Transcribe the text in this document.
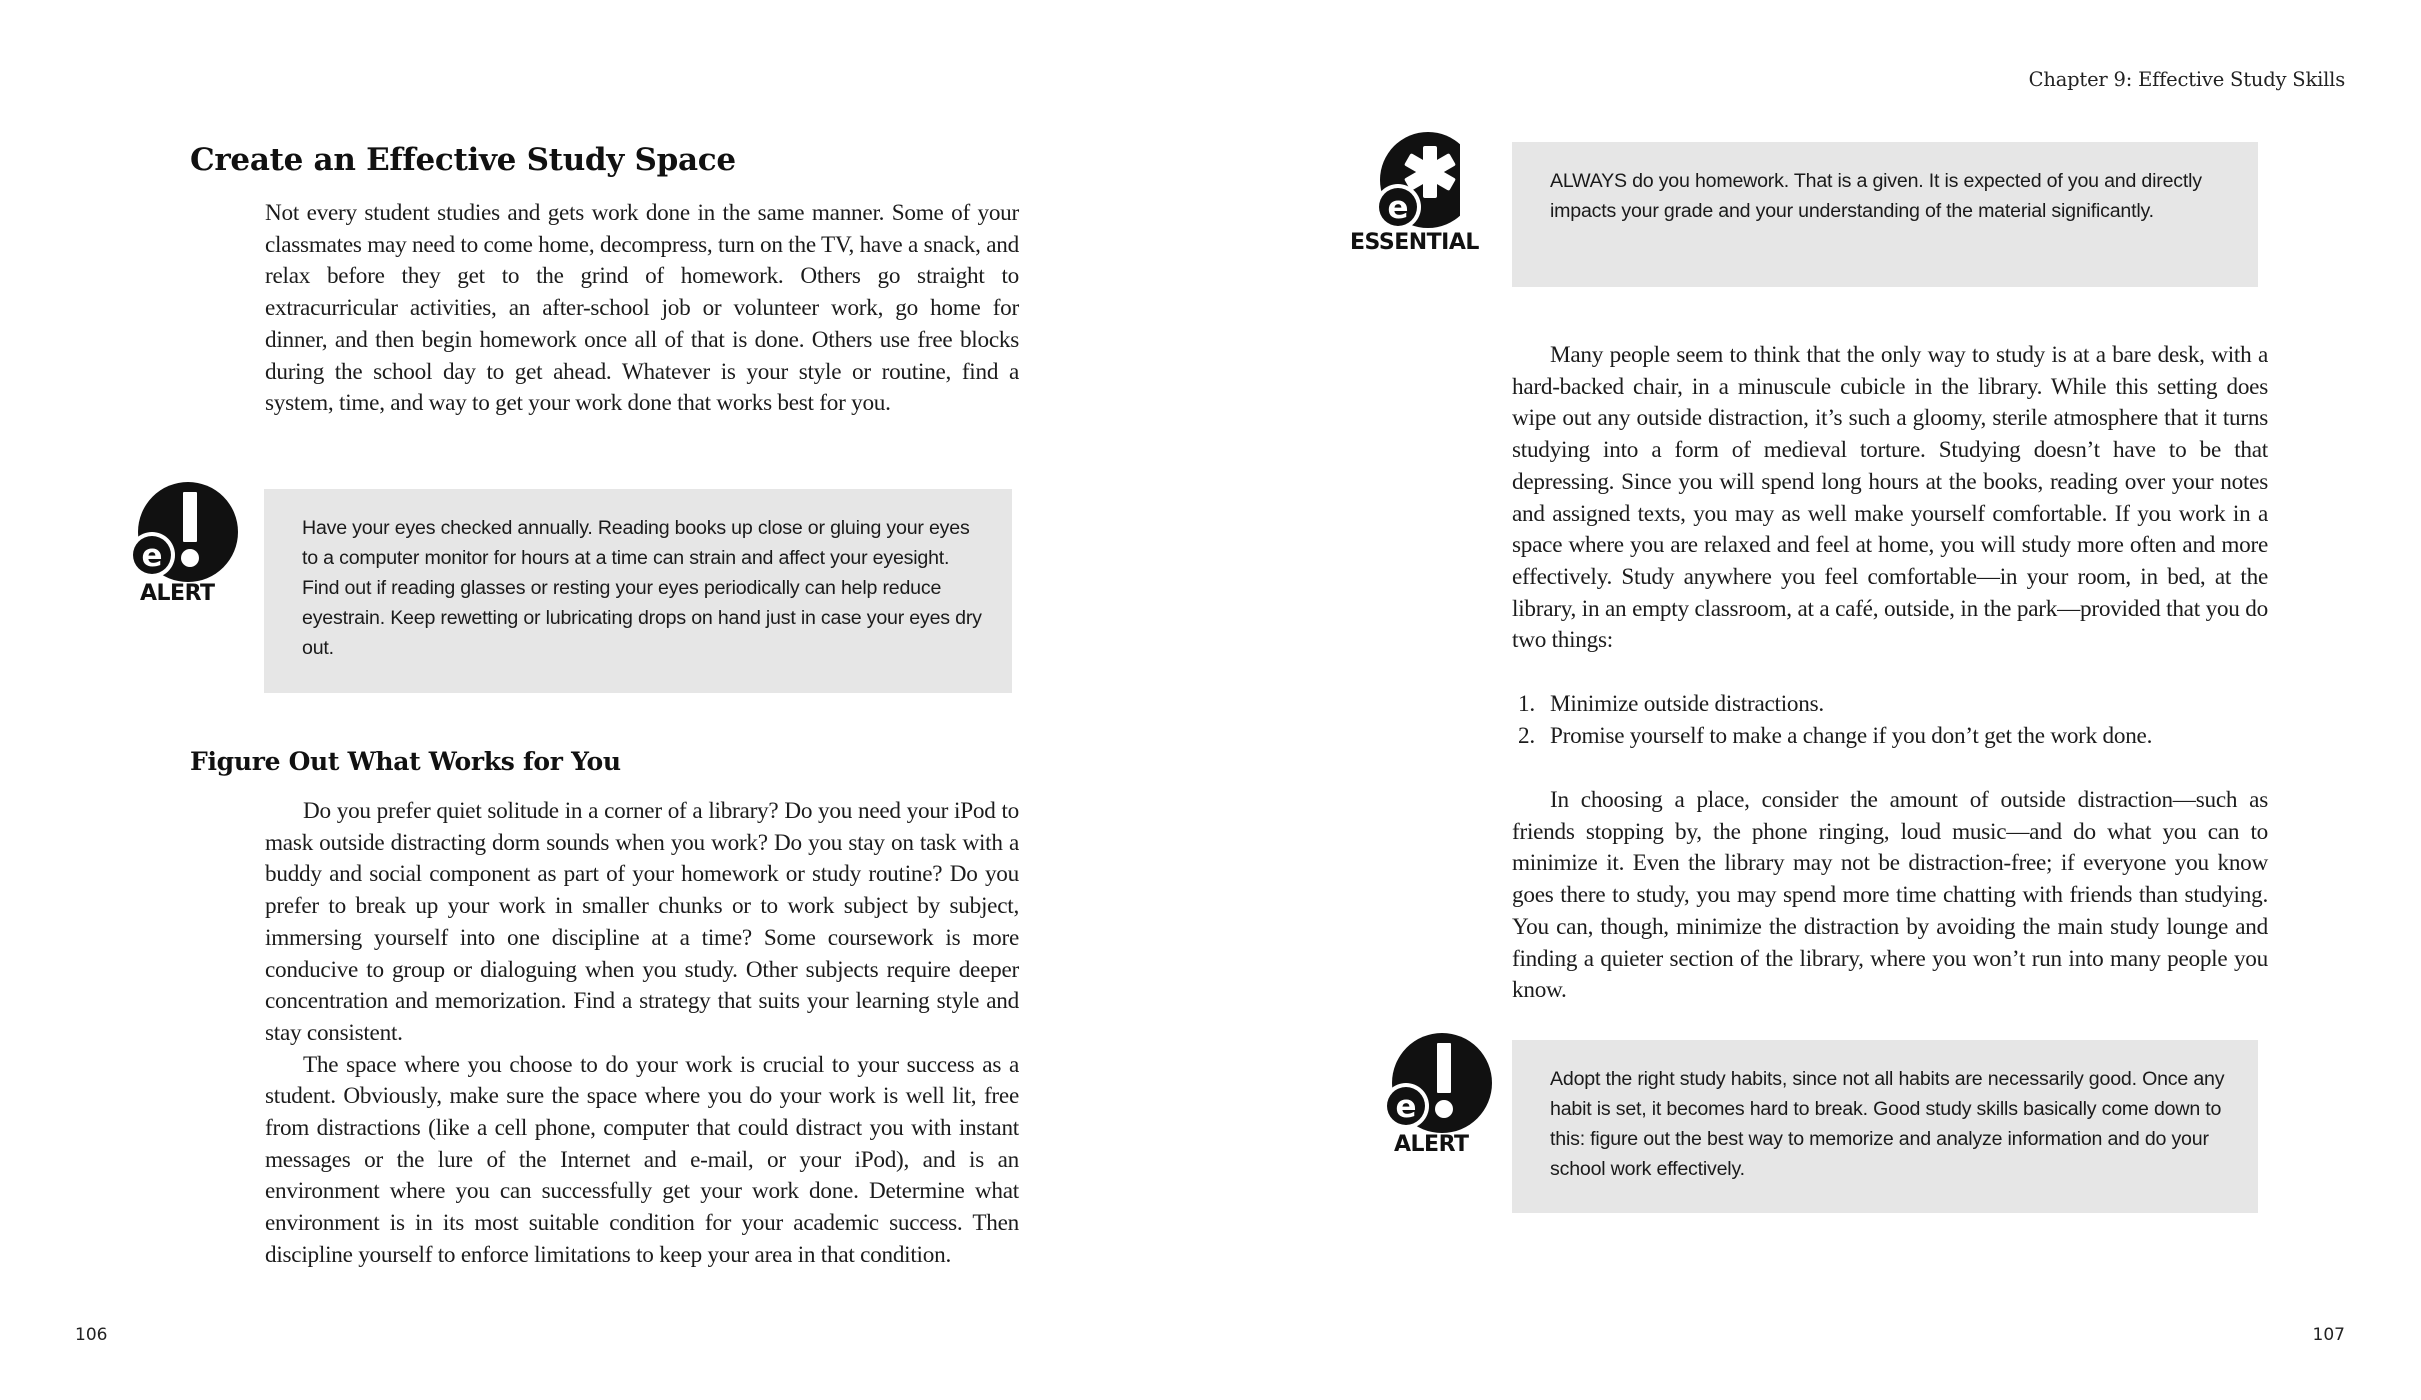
Create an Effective Study Space

Not every student studies and gets work done in the same manner. Some of your classmates may need to come home, decompress, turn on the TV, have a snack, and relax before they get to the grind of homework. Others go straight to extracurricular activities, an after-school job or volunteer work, go home for dinner, and then begin homework once all of that is done. Others use free blocks during the school day to get ahead. Whatever is your style or routine, find a system, time, and way to get your work done that works best for you.

e
ALERT

Have your eyes checked annually. Reading books up close or gluing your eyes to a computer monitor for hours at a time can strain and affect your eyesight. Find out if reading glasses or resting your eyes periodically can help reduce eyestrain. Keep rewetting or lubricating drops on hand just in case your eyes dry out.

Figure Out What Works for You

Do you prefer quiet solitude in a corner of a library? Do you need your iPod to mask outside distracting dorm sounds when you work? Do you stay on task with a buddy and social component as part of your homework or study routine? Do you prefer to break up your work in smaller chunks or to work subject by subject, immersing yourself into one discipline at a time? Some coursework is more conducive to group or dialoguing when you study. Other subjects require deeper concentration and memorization. Find a strategy that suits your learning style and stay consistent.

The space where you choose to do your work is crucial to your success as a student. Obviously, make sure the space where you do your work is well lit, free from distractions (like a cell phone, computer that could distract you with instant messages or the lure of the Internet and e-mail, or your iPod), and is an environment where you can successfully get your work done. Determine what environment is in its most suitable condition for your academic success. Then discipline yourself to enforce limitations to keep your area in that condition.

106
Chapter 9: Effective Study Skills
e
ESSENTIAL

ALWAYS do you homework. That is a given. It is expected of you and directly impacts your grade and your understanding of the material significantly.

Many people seem to think that the only way to study is at a bare desk, with a hard-backed chair, in a minuscule cubicle in the library. While this setting does wipe out any outside distraction, it’s such a gloomy, sterile atmosphere that it turns studying into a form of medieval torture. Studying doesn’t have to be that depressing. Since you will spend long hours at the books, reading over your notes and assigned texts, you may as well make yourself comfortable. If you work in a space where you are relaxed and feel at home, you will study more often and more effectively. Study anywhere you feel comfortable—in your room, in bed, at the library, in an empty classroom, at a café, outside, in the park—provided that you do two things:

1. Minimize outside distractions.
2. Promise yourself to make a change if you don’t get the work done.

In choosing a place, consider the amount of outside distraction—such as friends stopping by, the phone ringing, loud music—and do what you can to minimize it. Even the library may not be distraction-free; if everyone you know goes there to study, you may spend more time chatting with friends than studying. You can, though, minimize the distraction by avoiding the main study lounge and finding a quieter section of the library, where you won’t run into many people you know.

e
ALERT

Adopt the right study habits, since not all habits are necessarily good. Once any habit is set, it becomes hard to break. Good study skills basically come down to this: figure out the best way to memorize and analyze information and do your school work effectively.

107
